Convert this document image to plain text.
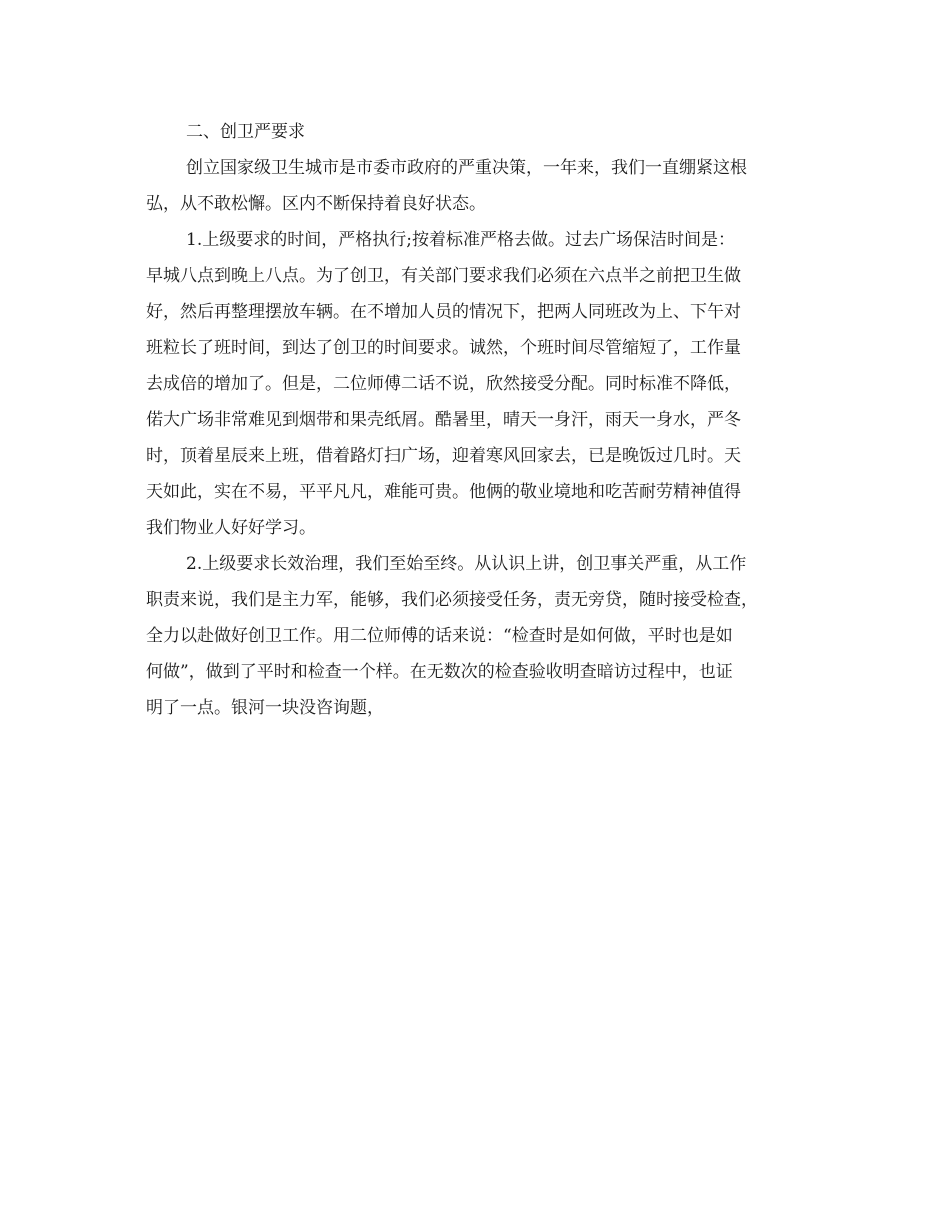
二、创卫严要求
创立国家级卫生城市是市委市政府的严重决策，一年来，我们一直绷紧这根
弘，从不敢松懈。区内不断保持着良好状态。
1.上级要求的时间，严格执行;按着标准严格去做。过去广场保洁时间是：
早城八点到晚上八点。为了创卫，有关部门要求我们必须在六点半之前把卫生做
好，然后再整理摆放车辆。在不增加人员的情况下，把两人同班改为上、下午对
班粒长了班时间，到达了创卫的时间要求。诚然，个班时间尽管缩短了，工作量
去成倍的增加了。但是，二位师傅二话不说，欣然接受分配。同时标准不降低，
偌大广场非常难见到烟带和果壳纸屑。酷暑里，晴天一身汗，雨天一身水，严冬
时，顶着星辰来上班，借着路灯扫广场，迎着寒风回家去，已是晚饭过几时。天
天如此，实在不易，平平凡凡，难能可贵。他俩的敬业境地和吃苦耐劳精神值得
我们物业人好好学习。
2.上级要求长效治理，我们至始至终。从认识上讲，创卫事关严重，从工作
职责来说，我们是主力军，能够，我们必须接受任务，责无旁贷，随时接受检查，
全力以赴做好创卫工作。用二位师傅的话来说：“检查时是如何做，平时也是如
何做”，做到了平时和检查一个样。在无数次的检查验收明查暗访过程中，也证
明了一点。银河一块没咨询题，
